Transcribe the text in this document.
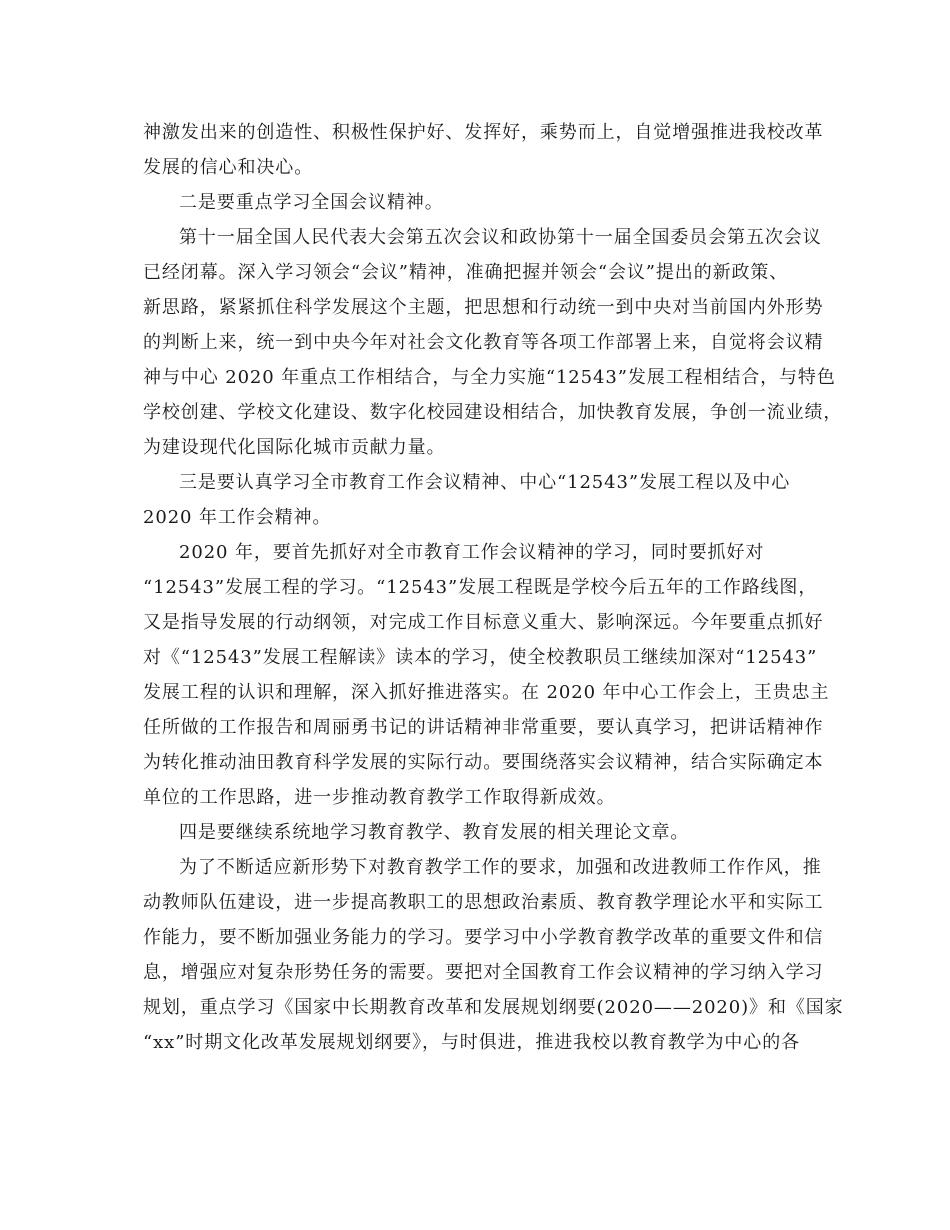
神激发出来的创造性、积极性保护好、发挥好，乘势而上，自觉增强推进我校改革

发展的信心和决心。

二是要重点学习全国会议精神。

第十一届全国人民代表大会第五次会议和政协第十一届全国委员会第五次会议

已经闭幕。深入学习领会“会议”精神，准确把握并领会“会议”提出的新政策、

新思路，紧紧抓住科学发展这个主题，把思想和行动统一到中央对当前国内外形势

的判断上来，统一到中央今年对社会文化教育等各项工作部署上来，自觉将会议精

神与中心 2020 年重点工作相结合，与全力实施“12543”发展工程相结合，与特色

学校创建、学校文化建设、数字化校园建设相结合，加快教育发展，争创一流业绩，

为建设现代化国际化城市贡献力量。

三是要认真学习全市教育工作会议精神、中心“12543”发展工程以及中心

2020 年工作会精神。

2020 年，要首先抓好对全市教育工作会议精神的学习，同时要抓好对

“12543”发展工程的学习。“12543”发展工程既是学校今后五年的工作路线图，

又是指导发展的行动纲领，对完成工作目标意义重大、影响深远。今年要重点抓好

对《“12543”发展工程解读》读本的学习，使全校教职员工继续加深对“12543”

发展工程的认识和理解，深入抓好推进落实。在 2020 年中心工作会上，王贵忠主

任所做的工作报告和周丽勇书记的讲话精神非常重要，要认真学习，把讲话精神作

为转化推动油田教育科学发展的实际行动。要围绕落实会议精神，结合实际确定本

单位的工作思路，进一步推动教育教学工作取得新成效。

四是要继续系统地学习教育教学、教育发展的相关理论文章。

为了不断适应新形势下对教育教学工作的要求，加强和改进教师工作作风，推

动教师队伍建设，进一步提高教职工的思想政治素质、教育教学理论水平和实际工

作能力，要不断加强业务能力的学习。要学习中小学教育教学改革的重要文件和信

息，增强应对复杂形势任务的需要。要把对全国教育工作会议精神的学习纳入学习

规划，重点学习《国家中长期教育改革和发展规划纲要(2020——2020)》和《国家

“xx”时期文化改革发展规划纲要》，与时俱进，推进我校以教育教学为中心的各
